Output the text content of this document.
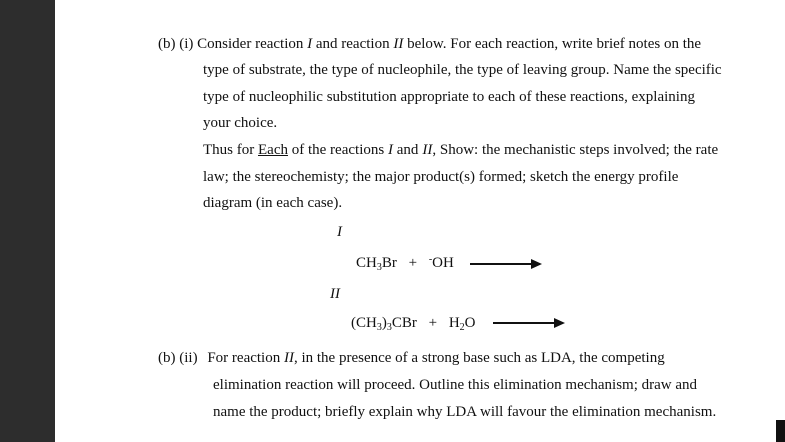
(b) (i) Consider reaction I and reaction II below. For each reaction, write brief notes on the
type of substrate, the type of nucleophile, the type of leaving group. Name the specific
type of nucleophilic substitution appropriate to each of these reactions, explaining
your choice.
Thus for Each of the reactions I and II, Show: the mechanistic steps involved; the rate
law; the stereochemisty; the major product(s) formed; sketch the energy profile
diagram (in each case).
I
$CH_3Br + ^-OH$
II
$(CH_3)_3CBr + H_2O$
(b) (ii) For reaction II, in the presence of a strong base such as LDA, the competing
elimination reaction will proceed. Outline this elimination mechanism; draw and
name the product; briefly explain why LDA will favour the elimination mechanism.
